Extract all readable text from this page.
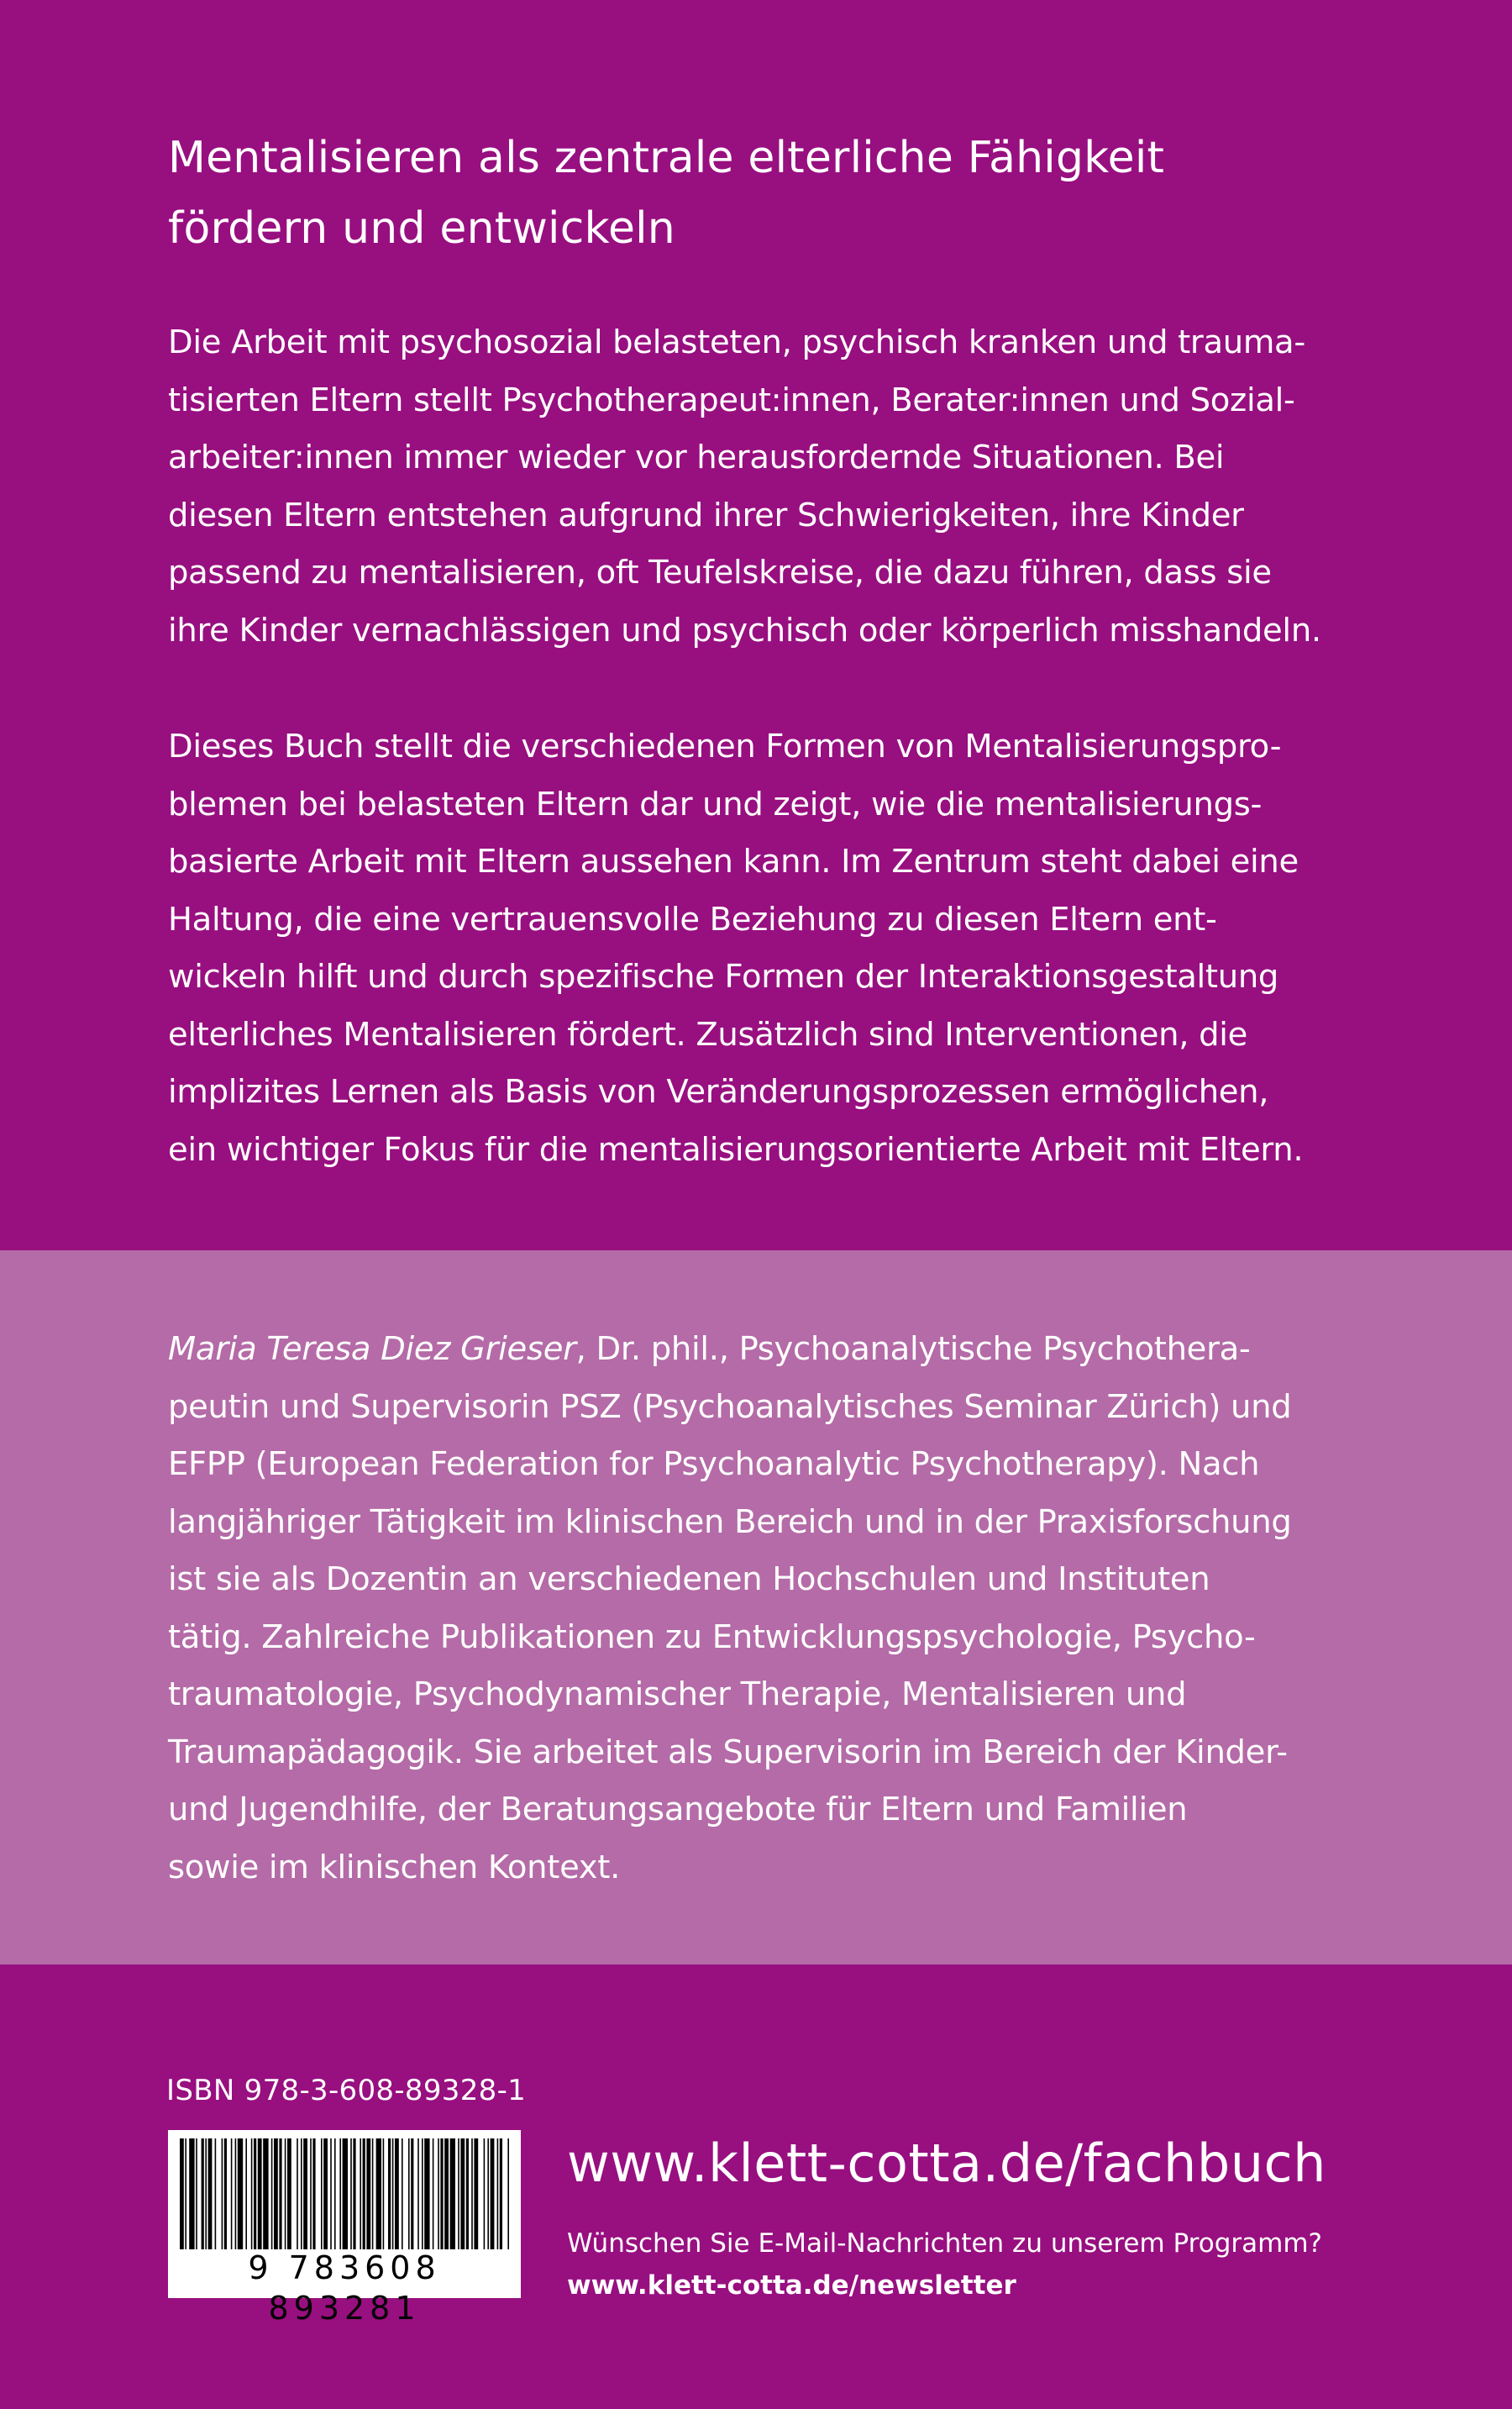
Mentalisieren als zentrale elterliche Fähigkeit
fördern und entwickeln

Die Arbeit mit psychosozial belasteten, psychisch kranken und trauma-
tisierten Eltern stellt Psychotherapeut:innen, Berater:innen und Sozial-
arbeiter:innen immer wieder vor herausfordernde Situationen. Bei
diesen Eltern entstehen aufgrund ihrer Schwierigkeiten, ihre Kinder
passend zu mentalisieren, oft Teufelskreise, die dazu führen, dass sie
ihre Kinder vernachlässigen und psychisch oder körperlich misshandeln.

Dieses Buch stellt die verschiedenen Formen von Mentalisierungspro-
blemen bei belasteten Eltern dar und zeigt, wie die mentalisierungs-
basierte Arbeit mit Eltern aussehen kann. Im Zentrum steht dabei eine
Haltung, die eine vertrauensvolle Beziehung zu diesen Eltern ent-
wickeln hilft und durch spezifische Formen der Interaktionsgestaltung
elterliches Mentalisieren fördert. Zusätzlich sind Interventionen, die
implizites Lernen als Basis von Veränderungsprozessen ermöglichen,
ein wichtiger Fokus für die mentalisierungsorientierte Arbeit mit Eltern.

Maria Teresa Diez Grieser, Dr. phil., Psychoanalytische Psychothera-
peutin und Supervisorin PSZ (Psychoanalytisches Seminar Zürich) und
EFPP (European Federation for Psychoanalytic Psychotherapy). Nach
langjähriger Tätigkeit im klinischen Bereich und in der Praxisforschung
ist sie als Dozentin an verschiedenen Hochschulen und Instituten
tätig. Zahlreiche Publikationen zu Entwicklungspsychologie, Psycho-
traumatologie, Psychodynamischer Therapie, Mentalisieren und
Traumapädagogik. Sie arbeitet als Supervisorin im Bereich der Kinder-
und Jugendhilfe, der Beratungsangebote für Eltern und Familien
sowie im klinischen Kontext.

ISBN 978-3-608-89328-1
9 783608 893281
www.klett-cotta.de/fachbuch
Wünschen Sie E-Mail-Nachrichten zu unserem Programm?
www.klett-cotta.de/newsletter
